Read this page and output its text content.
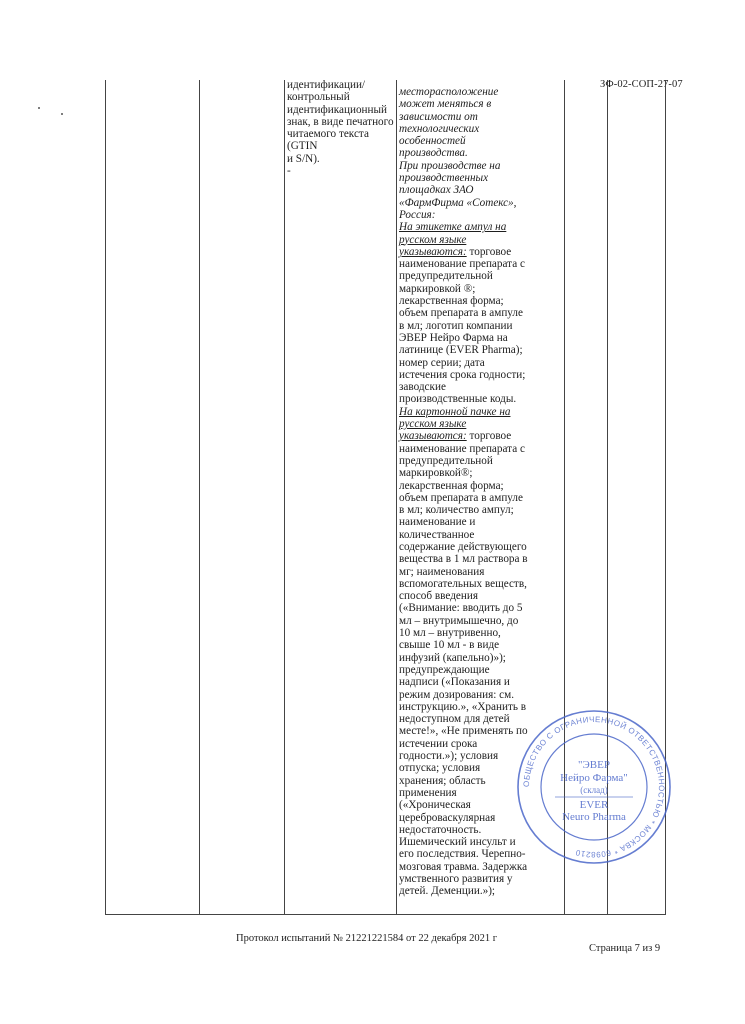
ЗФ-02-СОП-27-07
идентификации/
контрольный
идентификационный
знак, в виде печатного
читаемого текста (GTIN
и S/N).
-
месторасположение
может меняться в
зависимости от
технологических
особенностей
производства.
При производстве на
производственных
площадках ЗАО
«ФармФирма «Сотекс»,
Россия:
На этикетке ампул на
русском языке
указываются: торговое
наименование препарата с
предупредительной
маркировкой ®;
лекарственная форма;
объем препарата в ампуле
в мл; логотип компании
ЭВЕР Нейро Фарма на
латинице (EVER Pharma);
номер серии; дата
истечения срока годности;
заводские
производственные коды.
На картонной пачке на
русском языке
указываются: торговое
наименование препарата с
предупредительной
маркировкой®;
лекарственная форма;
объем препарата в ампуле
в мл; количество ампул;
наименование и
количестванное
содержание действующего
вещества в 1 мл раствора в
мг; наименования
вспомогательных веществ,
способ введения
(«Внимание: вводить до 5
мл – внутримышечно, до
10 мл – внутривенно,
свыше 10 мл - в виде
инфузий (капельно)»);
предупреждающие
надписи («Показания и
режим дозирования: см.
инструкцию.», «Хранить в
недоступном для детей
месте!», «Не применять по
истечении срока
годности.»); условия
отпуска; условия
хранения; область
применения
(«Хроническая
цереброваскулярная
недостаточность.
Ишемический инсульт и
его последствия. Черепно-
мозговая травма. Задержка
умственного развития у
детей. Деменции.»);
ОБЩЕСТВО С ОГРАНИЧЕННОЙ ОТВЕТСТВЕННОСТЬЮ * МОСКВА * 6098210
"ЭВЕР
Нейро Фарма"
(склад)
EVER
Neuro Pharma
Протокол испытаний № 21221221584 от 22 декабря 2021 г
Страница 7 из 9
